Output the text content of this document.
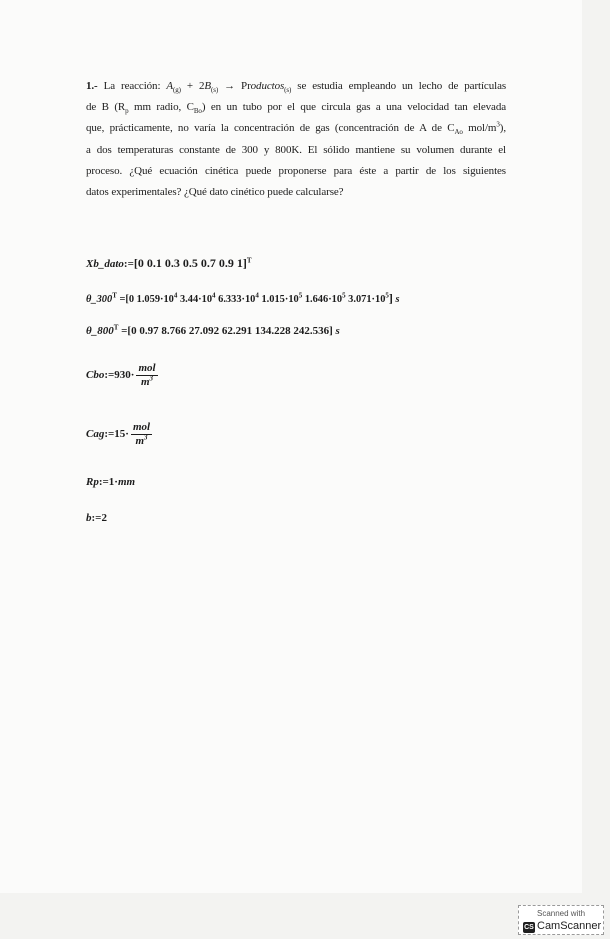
1.- La reacción: $A_{(g)} + 2B_{(s)}$ → Productos$_{(s)}$ se estudia empleando un lecho de partículas
de B ($R_p$ mm radio, $C_{Bo}$) en un tubo por el que circula gas a una velocidad tan elevada
que, prácticamente, no varía la concentración de gas (concentración de A de $C_{Ao}$ mol/$m^3$),
a dos temperaturas constante de 300 y 800K. El sólido mantiene su volumen durante el
proceso. ¿Qué ecuación cinética puede proponerse para éste a partir de los siguientes
datos experimentales? ¿Qué dato cinético puede calcularse?
Xb_dato:=[0 0.1 0.3 0.5 0.7 0.9 1]$^T$
$\theta\_300^T =[0$ $1.059\cdot 10^4$ $3.44\cdot 10^4$ $6.333\cdot 10^4$ $1.015\cdot 10^5$ $1.646\cdot 10^5$ $3.071\cdot 10^5$] s
$\theta\_800^T =[0$ 0.97 8.766 27.092 62.291 134.228 242.536] s
Cbo:=930· $\frac{\text{mol}}{m^3}$
Cag:=15· $\frac{\text{mol}}{m^3}$
Rp:=1·mm
b:=2
Scanned with
CS CamScanner
